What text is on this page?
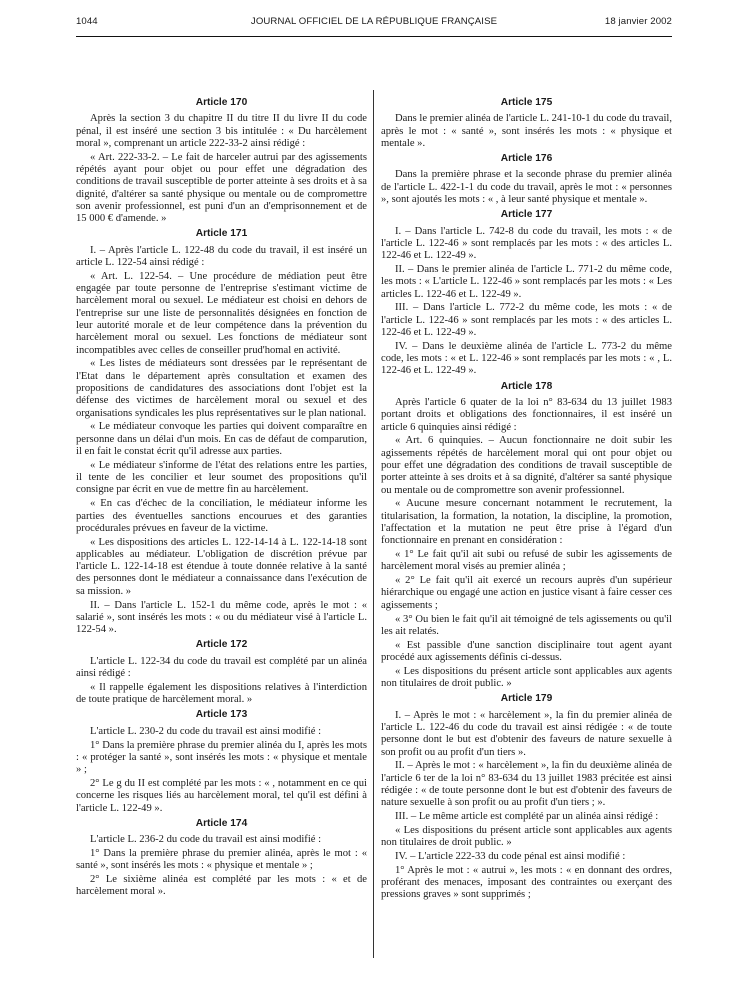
1044	JOURNAL OFFICIEL DE LA RÉPUBLIQUE FRANÇAISE	18 janvier 2002
Article 170

Après la section 3 du chapitre II du titre II du livre II du code pénal, il est inséré une section 3 bis intitulée : « Du harcèlement moral », comprenant un article 222-33-2 ainsi rédigé :

« Art. 222-33-2. – Le fait de harceler autrui par des agissements répétés ayant pour objet ou pour effet une dégradation des conditions de travail susceptible de porter atteinte à ses droits et à sa dignité, d'altérer sa santé physique ou mentale ou de compromettre son avenir professionnel, est puni d'un an d'emprisonnement et de 15 000 € d'amende. »

Article 171

I. – Après l'article L. 122-48 du code du travail, il est inséré un article L. 122-54 ainsi rédigé :

« Art. L. 122-54. – Une procédure de médiation peut être engagée par toute personne de l'entreprise s'estimant victime de harcèlement moral ou sexuel. Le médiateur est choisi en dehors de l'entreprise sur une liste de personnalités désignées en fonction de leur autorité morale et de leur compétence dans la prévention du harcèlement moral ou sexuel. Les fonctions de médiateur sont incompatibles avec celles de conseiller prud'homal en activité.

« Les listes de médiateurs sont dressées par le représentant de l'Etat dans le département après consultation et examen des propositions de candidatures des associations dont l'objet est la défense des victimes de harcèlement moral ou sexuel et des organisations syndicales les plus représentatives sur le plan national.

« Le médiateur convoque les parties qui doivent comparaître en personne dans un délai d'un mois. En cas de défaut de comparution, il en fait le constat écrit qu'il adresse aux parties.

« Le médiateur s'informe de l'état des relations entre les parties, il tente de les concilier et leur soumet des propositions qu'il consigne par écrit en vue de mettre fin au harcèlement.

« En cas d'échec de la conciliation, le médiateur informe les parties des éventuelles sanctions encourues et des garanties procédurales prévues en faveur de la victime.

« Les dispositions des articles L. 122-14-14 à L. 122-14-18 sont applicables au médiateur. L'obligation de discrétion prévue par l'article L. 122-14-18 est étendue à toute donnée relative à la santé des personnes dont le médiateur a connaissance dans l'exécution de sa mission. »

II. – Dans l'article L. 152-1 du même code, après le mot : « salarié », sont insérés les mots : « ou du médiateur visé à l'article L. 122-54 ».

Article 172

L'article L. 122-34 du code du travail est complété par un alinéa ainsi rédigé :

« Il rappelle également les dispositions relatives à l'interdiction de toute pratique de harcèlement moral. »

Article 173

L'article L. 230-2 du code du travail est ainsi modifié :

1° Dans la première phrase du premier alinéa du I, après les mots : « protéger la santé », sont insérés les mots : « physique et mentale » ;

2° Le g du II est complété par les mots : « , notamment en ce qui concerne les risques liés au harcèlement moral, tel qu'il est défini à l'article L. 122-49 ».

Article 174

L'article L. 236-2 du code du travail est ainsi modifié :

1° Dans la première phrase du premier alinéa, après le mot : « santé », sont insérés les mots : « physique et mentale » ;

2° Le sixième alinéa est complété par les mots : « et de harcèlement moral ».

Article 175

Dans le premier alinéa de l'article L. 241-10-1 du code du travail, après le mot : « santé », sont insérés les mots : « physique et mentale ».

Article 176

Dans la première phrase et la seconde phrase du premier alinéa de l'article L. 422-1-1 du code du travail, après le mot : « personnes », sont ajoutés les mots : « , à leur santé physique et mentale ».

Article 177

I. – Dans l'article L. 742-8 du code du travail, les mots : « de l'article L. 122-46 » sont remplacés par les mots : « des articles L. 122-46 et L. 122-49 ».

II. – Dans le premier alinéa de l'article L. 771-2 du même code, les mots : « L'article L. 122-46 » sont remplacés par les mots : « Les articles L. 122-46 et L. 122-49 ».

III. – Dans l'article L. 772-2 du même code, les mots : « de l'article L. 122-46 » sont remplacés par les mots : « des articles L. 122-46 et L. 122-49 ».

IV. – Dans le deuxième alinéa de l'article L. 773-2 du même code, les mots : « et L. 122-46 » sont remplacés par les mots : « , L. 122-46 et L. 122-49 ».

Article 178

Après l'article 6 quater de la loi n° 83-634 du 13 juillet 1983 portant droits et obligations des fonctionnaires, il est inséré un article 6 quinquies ainsi rédigé :

« Art. 6 quinquies. – Aucun fonctionnaire ne doit subir les agissements répétés de harcèlement moral qui ont pour objet ou pour effet une dégradation des conditions de travail susceptible de porter atteinte à ses droits et à sa dignité, d'altérer sa santé physique ou mentale ou de compromettre son avenir professionnel.

« Aucune mesure concernant notamment le recrutement, la titularisation, la formation, la notation, la discipline, la promotion, l'affectation et la mutation ne peut être prise à l'égard d'un fonctionnaire en prenant en considération :

« 1° Le fait qu'il ait subi ou refusé de subir les agissements de harcèlement moral visés au premier alinéa ;

« 2° Le fait qu'il ait exercé un recours auprès d'un supérieur hiérarchique ou engagé une action en justice visant à faire cesser ces agissements ;

« 3° Ou bien le fait qu'il ait témoigné de tels agissements ou qu'il les ait relatés.

« Est passible d'une sanction disciplinaire tout agent ayant procédé aux agissements définis ci-dessus.

« Les dispositions du présent article sont applicables aux agents non titulaires de droit public. »

Article 179

I. – Après le mot : « harcèlement », la fin du premier alinéa de l'article L. 122-46 du code du travail est ainsi rédigée : « de toute personne dont le but est d'obtenir des faveurs de nature sexuelle à son profit ou au profit d'un tiers ».

II. – Après le mot : « harcèlement », la fin du deuxième alinéa de l'article 6 ter de la loi n° 83-634 du 13 juillet 1983 précitée est ainsi rédigée : « de toute personne dont le but est d'obtenir des faveurs de nature sexuelle à son profit ou au profit d'un tiers ; ».

III. – Le même article est complété par un alinéa ainsi rédigé :

« Les dispositions du présent article sont applicables aux agents non titulaires de droit public. »

IV. – L'article 222-33 du code pénal est ainsi modifié :

1° Après le mot : « autrui », les mots : « en donnant des ordres, proférant des menaces, imposant des contraintes ou exerçant des pressions graves » sont supprimés ;
